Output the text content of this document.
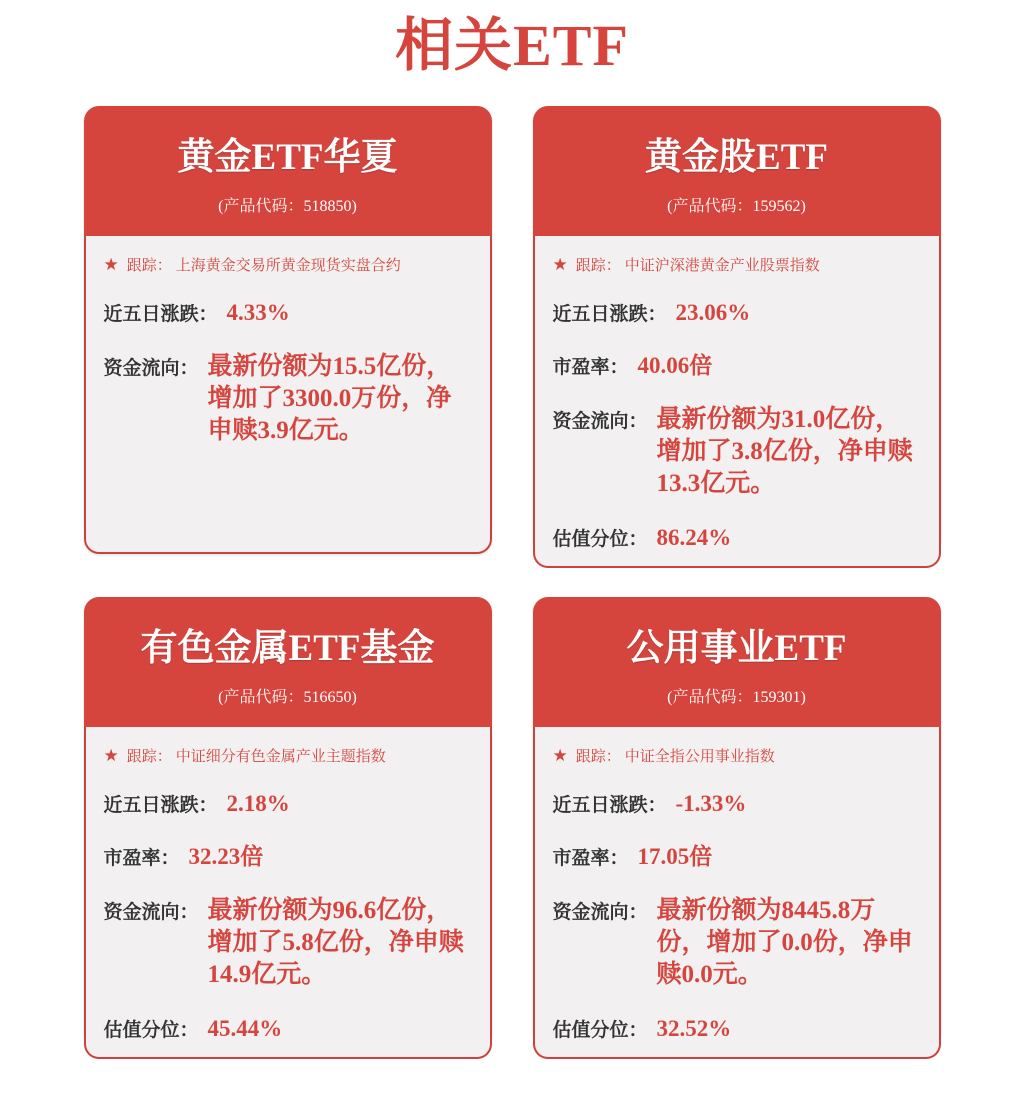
相关ETF
黄金ETF华夏
(产品代码：518850)
★ 跟踪： 上海黄金交易所黄金现货实盘合约
近五日涨跌： 4.33%
资金流向： 最新份额为15.5亿份，增加了3300.0万份，净申赎3.9亿元。
黄金股ETF
(产品代码：159562)
★ 跟踪： 中证沪深港黄金产业股票指数
近五日涨跌： 23.06%
市盈率： 40.06倍
资金流向： 最新份额为31.0亿份，增加了3.8亿份，净申赎13.3亿元。
估值分位： 86.24%
有色金属ETF基金
(产品代码：516650)
★ 跟踪： 中证细分有色金属产业主题指数
近五日涨跌： 2.18%
市盈率： 32.23倍
资金流向： 最新份额为96.6亿份，增加了5.8亿份，净申赎14.9亿元。
估值分位： 45.44%
公用事业ETF
(产品代码：159301)
★ 跟踪： 中证全指公用事业指数
近五日涨跌： -1.33%
市盈率： 17.05倍
资金流向： 最新份额为8445.8万份，增加了0.0份，净申赎0.0元。
估值分位： 32.52%
